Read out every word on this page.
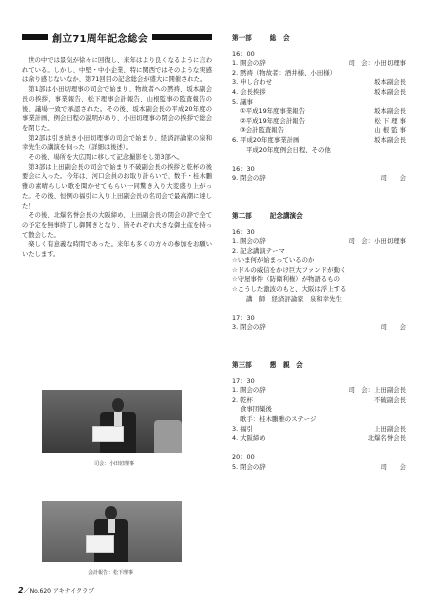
創立71周年記念総会

世の中では景気が徐々に回復し、来年はより良くなるように言われている。しかし、中堅・中小企業、特に関西ではそのような実感は余り感じないなか、第71回目の記念総会が盛大に開催された。

第1部は小田切理事の司会で始まり、物故者への黙祷、坂本副会長の挨拶、事業報告、松下理事会計報告、山根監事の監査報告の後、議場一致で承認された。その後、坂本副会長の平成20年度の事業計画、例会日程の説明があり、小田切理事の閉会の挨拶で総会を閉じた。

第2部は引き続き小田切理事の司会で始まり、経済評論家の泉和幸先生の講演を伺った（詳細は後述）。

その後、場所を大広間に移して記念撮影をし第3部へ。

第3部は上田副会長の司会で始まり不破副会長の挨拶と乾杯の後要会に入った。今年は、河口会員のお取り計らいで、数千・桂木鵬雅の素晴らしい歌を聞かせてもらい一同驚き入り大変盛り上がった。その後、恒例の福引に入り上田副会長の名司会で最高潮に達した！

その後、北爆名誉会長の大阪締め、上田副会長の閉会の辞で全ての予定を無事終了し御開きとなり、皆それぞれ大きな御土産を持って散会した。

楽しく有意義な時間であった。来年も多くの方々の参加をお願いいたします。

司会：小田切理事
会計報告：松下理事
第一部	総　会
16：00
1. 開会の辞	司　会：小田切理事
2. 黙祷（物故者：酒井様、小田様）
3. 申し合わせ	坂本副会長
4. 会長挨拶	坂本副会長
5. 議事
①平成19年度事業報告	坂本副会長
②平成19年度会計報告	松 下 理 事
③会計監査報告	山 根 監 事
6. 平成20年度事業計画	坂本副会長
平成20年度例会日程、その他
16：30
9. 閉会の辞	司　　会
第二部	記念講演会
16：30
1. 開会の辞	司　会：小田切理事
2. 記念講演テーマ
☆いま何が始まっているのか
☆ドルの威信をかけ巨大ファンドが動く
☆守屋事件（防衛利権）が物語るもの
☆こうした激波のもと、大阪は浮上する
講　師　経済評論家　泉和幸先生
17：30
3. 閉会の辞	司　　会
第三部	懇　親　会
17：30
1. 開会の辞	司　会：上田副会長
2. 乾杯	不破副会長
食事団欒後
歌手：桂木鵬雅のステージ
3. 福引	上田副会長
4. 大阪締め	北爆名誉会長
20：00
5. 閉会の辞	司　　会
2／No.620 アキナイクラブ
